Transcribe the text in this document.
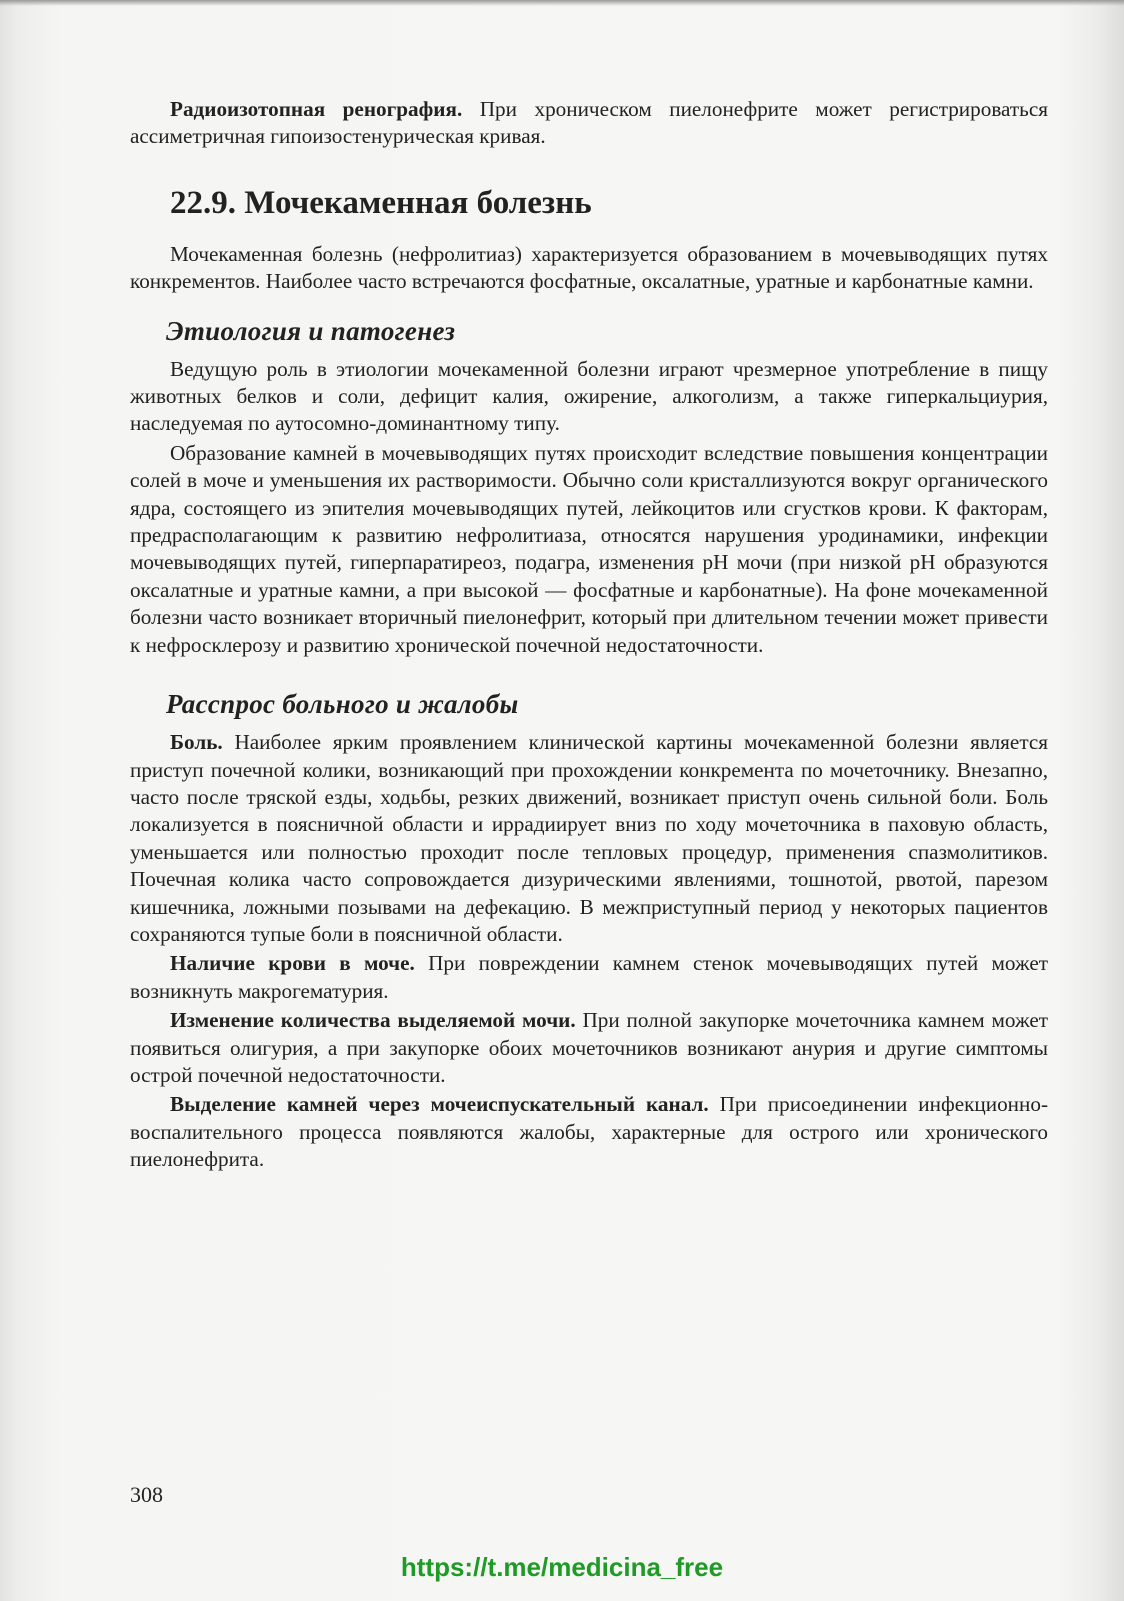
Радиоизотопная ренография. При хроническом пиелонефрите может регистрироваться ассиметричная гипоизостенурическая кривая.

22.9. Мочекаменная болезнь

Мочекаменная болезнь (нефролитиаз) характеризуется образованием в мочевыводящих путях конкрементов. Наиболее часто встречаются фосфатные, оксалатные, уратные и карбонатные камни.

Этиология и патогенез

Ведущую роль в этиологии мочекаменной болезни играют чрезмерное употребление в пищу животных белков и соли, дефицит калия, ожирение, алкоголизм, а также гиперкальциурия, наследуемая по аутосомно-доминантному типу.

Образование камней в мочевыводящих путях происходит вследствие повышения концентрации солей в моче и уменьшения их растворимости. Обычно соли кристаллизуются вокруг органического ядра, состоящего из эпителия мочевыводящих путей, лейкоцитов или сгустков крови. К факторам, предрасполагающим к развитию нефролитиаза, относятся нарушения уродинамики, инфекции мочевыводящих путей, гиперпаратиреоз, подагра, изменения pH мочи (при низкой pH образуются оксалатные и уратные камни, а при высокой — фосфатные и карбонатные). На фоне мочекаменной болезни часто возникает вторичный пиелонефрит, который при длительном течении может привести к нефросклерозу и развитию хронической почечной недостаточности.

Расспрос больного и жалобы

Боль. Наиболее ярким проявлением клинической картины мочекаменной болезни является приступ почечной колики, возникающий при прохождении конкремента по мочеточнику. Внезапно, часто после тряской езды, ходьбы, резких движений, возникает приступ очень сильной боли. Боль локализуется в поясничной области и иррадиирует вниз по ходу мочеточника в паховую область, уменьшается или полностью проходит после тепловых процедур, применения спазмолитиков. Почечная колика часто сопровождается дизурическими явлениями, тошнотой, рвотой, парезом кишечника, ложными позывами на дефекацию. В межприступный период у некоторых пациентов сохраняются тупые боли в поясничной области.

Наличие крови в моче. При повреждении камнем стенок мочевыводящих путей может возникнуть макрогематурия.

Изменение количества выделяемой мочи. При полной закупорке мочеточника камнем может появиться олигурия, а при закупорке обоих мочеточников возникают анурия и другие симптомы острой почечной недостаточности.

Выделение камней через мочеиспускательный канал. При присоединении инфекционно-воспалительного процесса появляются жалобы, характерные для острого или хронического пиелонефрита.

308
https://t.me/medicina_free
